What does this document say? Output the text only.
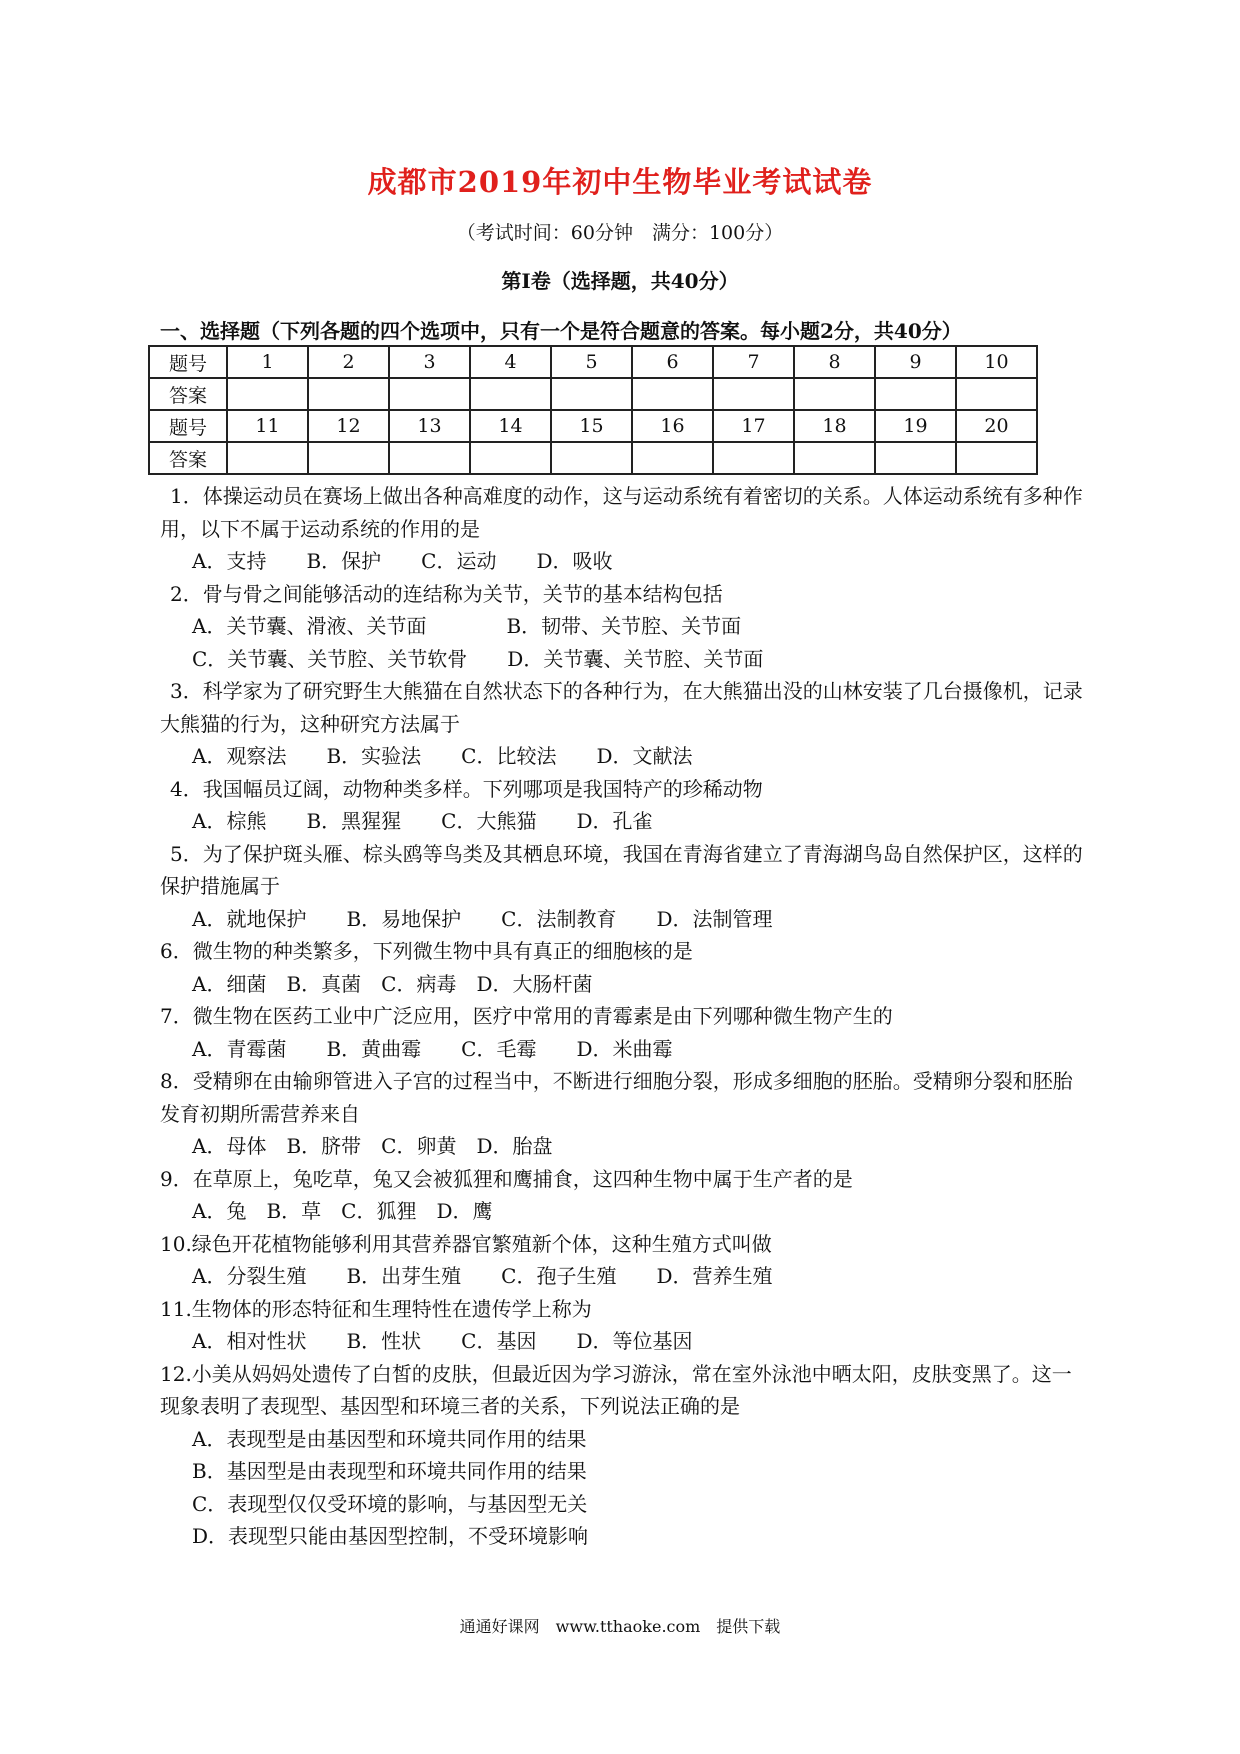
成都市2019年初中生物毕业考试试卷
（考试时间：60分钟　满分：100分）
第Ⅰ卷（选择题，共40分）
一、选择题（下列各题的四个选项中，只有一个是符合题意的答案。每小题2分，共40分）
题号	1	2	3	4	5	6	7	8	9	10
答案										
题号	11	12	13	14	15	16	17	18	19	20
答案										
1．体操运动员在赛场上做出各种高难度的动作，这与运动系统有着密切的关系。人体运动系统有多种作用，以下不属于运动系统的作用的是
A．支持　　B．保护　　C．运动　　D．吸收
2．骨与骨之间能够活动的连结称为关节，关节的基本结构包括
A．关节囊、滑液、关节面　　　　B．韧带、关节腔、关节面
C．关节囊、关节腔、关节软骨　　D．关节囊、关节腔、关节面
3．科学家为了研究野生大熊猫在自然状态下的各种行为，在大熊猫出没的山林安装了几台摄像机，记录大熊猫的行为，这种研究方法属于
A．观察法　　B．实验法　　C．比较法　　D．文献法
4．我国幅员辽阔，动物种类多样。下列哪项是我国特产的珍稀动物
A．棕熊　　B．黑猩猩　　C．大熊猫　　D．孔雀
5．为了保护斑头雁、棕头鸥等鸟类及其栖息环境，我国在青海省建立了青海湖鸟岛自然保护区，这样的保护措施属于
A．就地保护　　B．易地保护　　C．法制教育　　D．法制管理
6．微生物的种类繁多，下列微生物中具有真正的细胞核的是
A．细菌　B．真菌　C．病毒　D．大肠杆菌
7．微生物在医药工业中广泛应用，医疗中常用的青霉素是由下列哪种微生物产生的
A．青霉菌　　B．黄曲霉　　C．毛霉　　D．米曲霉
8．受精卵在由输卵管进入子宫的过程当中，不断进行细胞分裂，形成多细胞的胚胎。受精卵分裂和胚胎发育初期所需营养来自
A．母体　B．脐带　C．卵黄　D．胎盘
9．在草原上，兔吃草，兔又会被狐狸和鹰捕食，这四种生物中属于生产者的是
A．兔　B．草　C．狐狸　D．鹰
10.绿色开花植物能够利用其营养器官繁殖新个体，这种生殖方式叫做
A．分裂生殖　　B．出芽生殖　　C．孢子生殖　　D．营养生殖
11.生物体的形态特征和生理特性在遗传学上称为
A．相对性状　　B．性状　　C．基因　　D．等位基因
12.小美从妈妈处遗传了白皙的皮肤，但最近因为学习游泳，常在室外泳池中晒太阳，皮肤变黑了。这一现象表明了表现型、基因型和环境三者的关系，下列说法正确的是
A．表现型是由基因型和环境共同作用的结果
B．基因型是由表现型和环境共同作用的结果
C．表现型仅仅受环境的影响，与基因型无关
D．表现型只能由基因型控制，不受环境影响
通通好课网　www.tthaoke.com　提供下载
